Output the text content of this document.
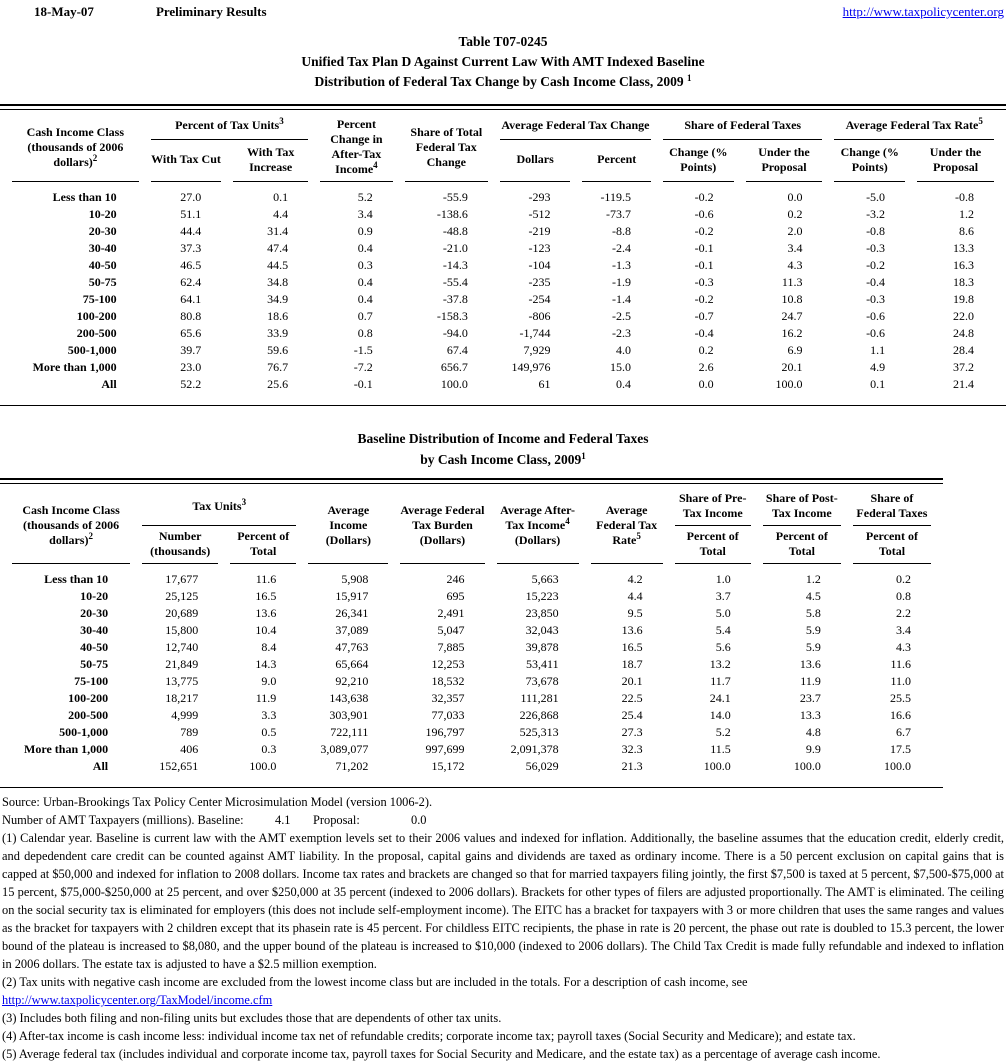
18-May-07	Preliminary Results	http://www.taxpolicycenter.org
Table T07-0245
Unified Tax Plan D Against Current Law With AMT Indexed Baseline
Distribution of Federal Tax Change by Cash Income Class, 2009 $^1$
Cash Income Class (thousands of 2006 dollars)$^2$	Percent of Tax Units$^3$		Percent Change in After-Tax Income$^4$	Share of Total Federal Tax Change	Average Federal Tax Change		Share of Federal Taxes		Average Federal Tax Rate$^5$
	With Tax Cut	With Tax Increase			Dollars	Percent	Change (% Points)	Under the Proposal	Change (% Points)	Under the Proposal
Less than 10	27.0	0.1	5.2	-55.9	-293	-119.5	-0.2	0.0	-5.0	-0.8
10-20	51.1	4.4	3.4	-138.6	-512	-73.7	-0.6	0.2	-3.2	1.2
20-30	44.4	31.4	0.9	-48.8	-219	-8.8	-0.2	2.0	-0.8	8.6
30-40	37.3	47.4	0.4	-21.0	-123	-2.4	-0.1	3.4	-0.3	13.3
40-50	46.5	44.5	0.3	-14.3	-104	-1.3	-0.1	4.3	-0.2	16.3
50-75	62.4	34.8	0.4	-55.4	-235	-1.9	-0.3	11.3	-0.4	18.3
75-100	64.1	34.9	0.4	-37.8	-254	-1.4	-0.2	10.8	-0.3	19.8
100-200	80.8	18.6	0.7	-158.3	-806	-2.5	-0.7	24.7	-0.6	22.0
200-500	65.6	33.9	0.8	-94.0	-1,744	-2.3	-0.4	16.2	-0.6	24.8
500-1,000	39.7	59.6	-1.5	67.4	7,929	4.0	0.2	6.9	1.1	28.4
More than 1,000	23.0	76.7	-7.2	656.7	149,976	15.0	2.6	20.1	4.9	37.2
All	52.2	25.6	-0.1	100.0	61	0.4	0.0	100.0	0.1	21.4
Baseline Distribution of Income and Federal Taxes
by Cash Income Class, 2009$^1$
Cash Income Class (thousands of 2006 dollars)$^2$	Tax Units$^3$		Average Income (Dollars)	Average Federal Tax Burden (Dollars)	Average After-Tax Income$^4$ (Dollars)	Average Federal Tax Rate$^5$	Share of Pre-Tax Income	Share of Post-Tax Income	Share of Federal Taxes
	Number (thousands)	Percent of Total					Percent of Total	Percent of Total	Percent of Total
Less than 10	17,677	11.6	5,908	246	5,663	4.2	1.0	1.2	0.2
10-20	25,125	16.5	15,917	695	15,223	4.4	3.7	4.5	0.8
20-30	20,689	13.6	26,341	2,491	23,850	9.5	5.0	5.8	2.2
30-40	15,800	10.4	37,089	5,047	32,043	13.6	5.4	5.9	3.4
40-50	12,740	8.4	47,763	7,885	39,878	16.5	5.6	5.9	4.3
50-75	21,849	14.3	65,664	12,253	53,411	18.7	13.2	13.6	11.6
75-100	13,775	9.0	92,210	18,532	73,678	20.1	11.7	11.9	11.0
100-200	18,217	11.9	143,638	32,357	111,281	22.5	24.1	23.7	25.5
200-500	4,999	3.3	303,901	77,033	226,868	25.4	14.0	13.3	16.6
500-1,000	789	0.5	722,111	196,797	525,313	27.3	5.2	4.8	6.7
More than 1,000	406	0.3	3,089,077	997,699	2,091,378	32.3	11.5	9.9	17.5
All	152,651	100.0	71,202	15,172	56,029	21.3	100.0	100.0	100.0
Source: Urban-Brookings Tax Policy Center Microsimulation Model (version 1006-2).
Number of AMT Taxpayers (millions). Baseline:	4.1	Proposal:	0.0
(1) Calendar year. Baseline is current law with the AMT exemption levels set to their 2006 values and indexed for inflation. Additionally, the baseline assumes that the education credit, elderly credit, and depedendent care credit can be counted against AMT liability. In the proposal, capital gains and dividends are taxed as ordinary income. There is a 50 percent exclusion on capital gains that is capped at $50,000 and indexed for inflation to 2008 dollars. Income tax rates and brackets are changed so that for married taxpayers filing jointly, the first $7,500 is taxed at 5 percent, $7,500-$75,000 at 15 percent, $75,000-$250,000 at 25 percent, and over $250,000 at 35 percent (indexed to 2006 dollars). Brackets for other types of filers are adjusted proportionally. The AMT is eliminated. The ceiling on the social security tax is eliminated for employers (this does not include self-employment income). The EITC has a bracket for taxpayers with 3 or more children that uses the same ranges and values as the bracket for taxpayers with 2 children except that its phasein rate is 45 percent. For childless EITC recipients, the phase in rate is 20 percent, the phase out rate is doubled to 15.3 percent, the lower bound of the plateau is increased to $8,080, and the upper bound of the plateau is increased to $10,000 (indexed to 2006 dollars). The Child Tax Credit is made fully refundable and indexed to inflation in 2006 dollars. The estate tax is adjusted to have a $2.5 million exemption.
(2) Tax units with negative cash income are excluded from the lowest income class but are included in the totals. For a description of cash income, see
http://www.taxpolicycenter.org/TaxModel/income.cfm
(3) Includes both filing and non-filing units but excludes those that are dependents of other tax units.
(4) After-tax income is cash income less: individual income tax net of refundable credits; corporate income tax; payroll taxes (Social Security and Medicare); and estate tax.
(5) Average federal tax (includes individual and corporate income tax, payroll taxes for Social Security and Medicare, and the estate tax) as a percentage of average cash income.
